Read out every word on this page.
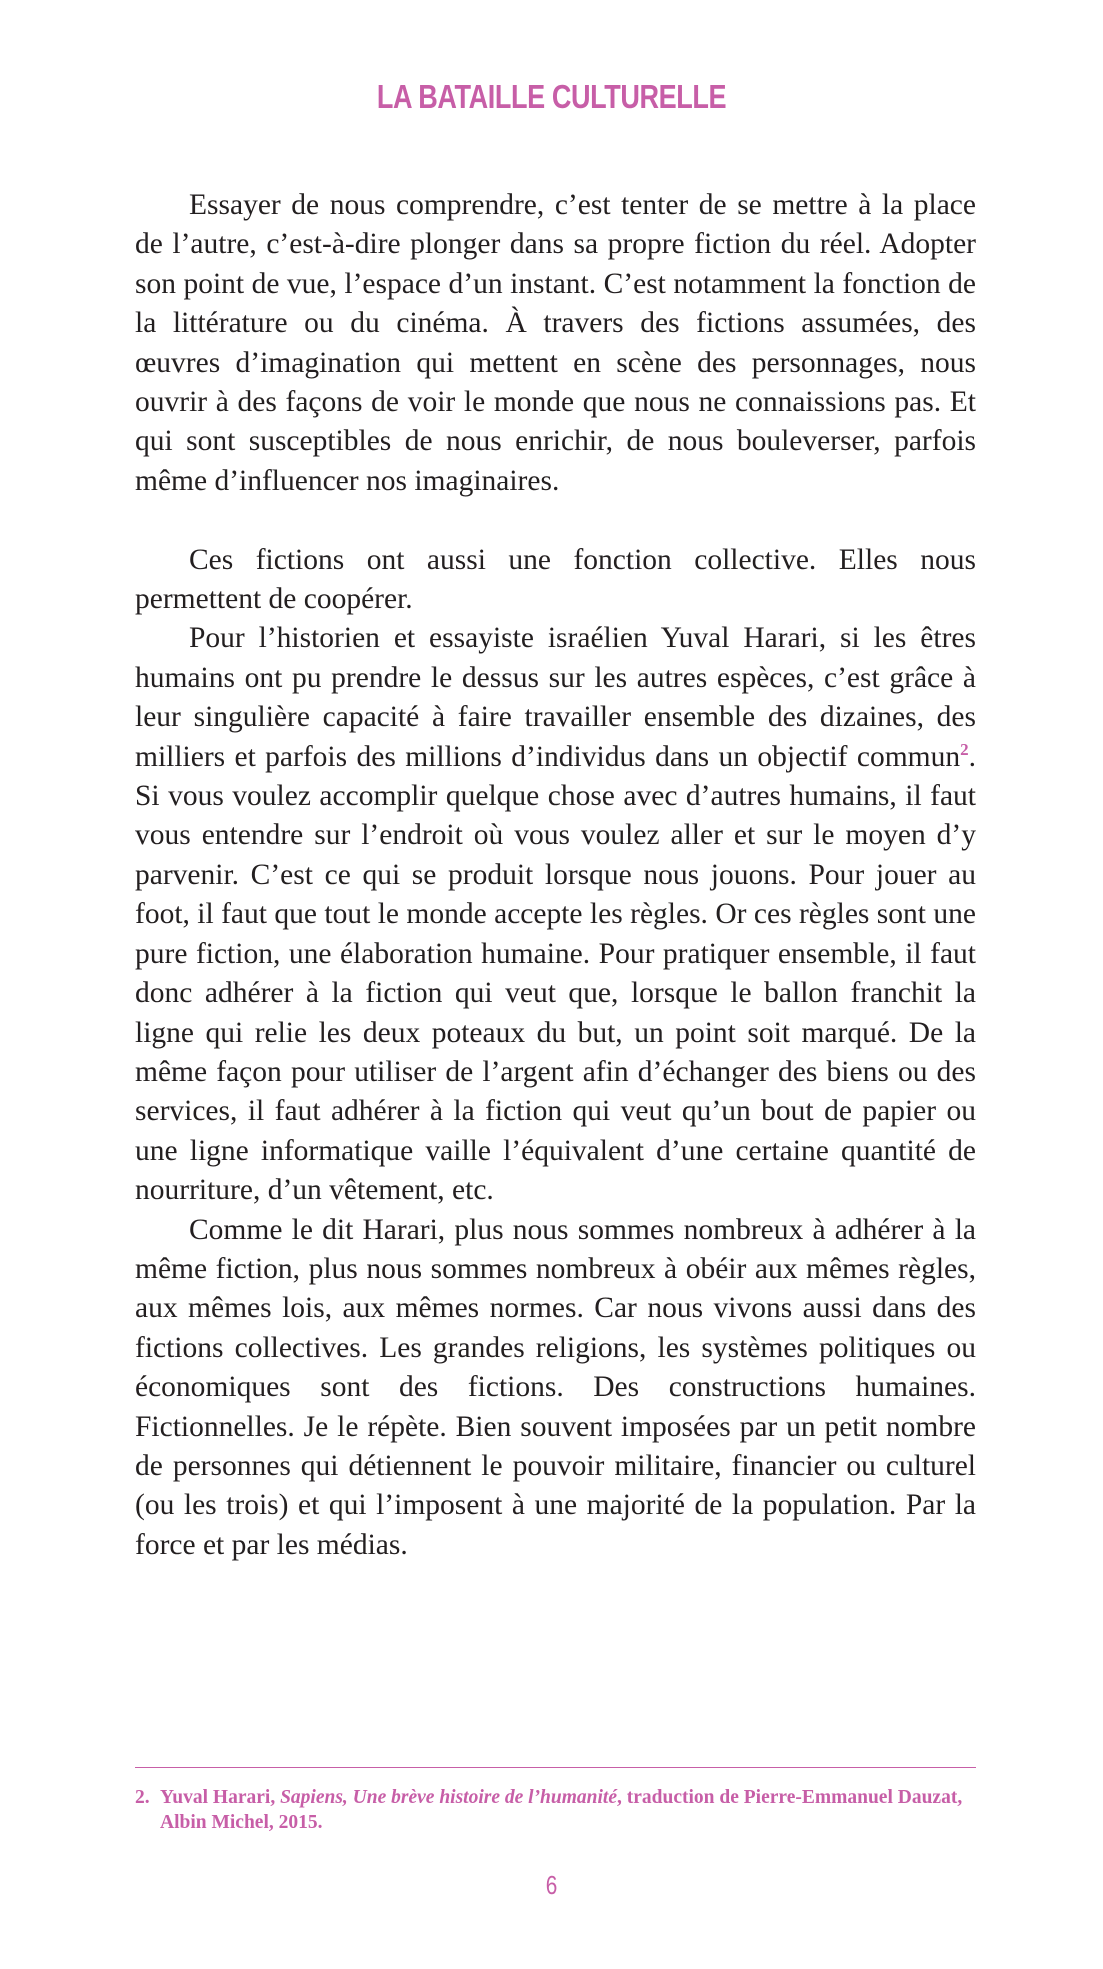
LA BATAILLE CULTURELLE

Essayer de nous comprendre, c’est tenter de se mettre à la place de l’autre, c’est-à-dire plonger dans sa propre fiction du réel. Adopter son point de vue, l’espace d’un instant. C’est notamment la fonction de la littérature ou du cinéma. À travers des fictions assumées, des œuvres d’imagination qui mettent en scène des personnages, nous ouvrir à des façons de voir le monde que nous ne connaissions pas. Et qui sont susceptibles de nous enrichir, de nous bouleverser, parfois même d’influencer nos imaginaires.

Ces fictions ont aussi une fonction collective. Elles nous permettent de coopérer.

Pour l’historien et essayiste israélien Yuval Harari, si les êtres humains ont pu prendre le dessus sur les autres espèces, c’est grâce à leur singulière capacité à faire travailler ensemble des dizaines, des milliers et parfois des millions d’individus dans un objectif commun$^2$. Si vous voulez accomplir quelque chose avec d’autres humains, il faut vous entendre sur l’endroit où vous voulez aller et sur le moyen d’y parvenir. C’est ce qui se produit lorsque nous jouons. Pour jouer au foot, il faut que tout le monde accepte les règles. Or ces règles sont une pure fiction, une élaboration humaine. Pour pratiquer ensemble, il faut donc adhérer à la fiction qui veut que, lorsque le ballon franchit la ligne qui relie les deux poteaux du but, un point soit marqué. De la même façon pour utiliser de l’argent afin d’échanger des biens ou des services, il faut adhérer à la fiction qui veut qu’un bout de papier ou une ligne informatique vaille l’équivalent d’une certaine quantité de nourriture, d’un vêtement, etc.

Comme le dit Harari, plus nous sommes nombreux à adhérer à la même fiction, plus nous sommes nombreux à obéir aux mêmes règles, aux mêmes lois, aux mêmes normes. Car nous vivons aussi dans des fictions collectives. Les grandes religions, les systèmes politiques ou économiques sont des fictions. Des constructions humaines. Fictionnelles. Je le répète. Bien souvent imposées par un petit nombre de personnes qui détiennent le pouvoir militaire, financier ou culturel (ou les trois) et qui l’imposent à une majorité de la population. Par la force et par les médias.

2. Yuval Harari, Sapiens, Une brève histoire de l’humanité, traduction de Pierre-Emmanuel Dauzat, Albin Michel, 2015.
6
